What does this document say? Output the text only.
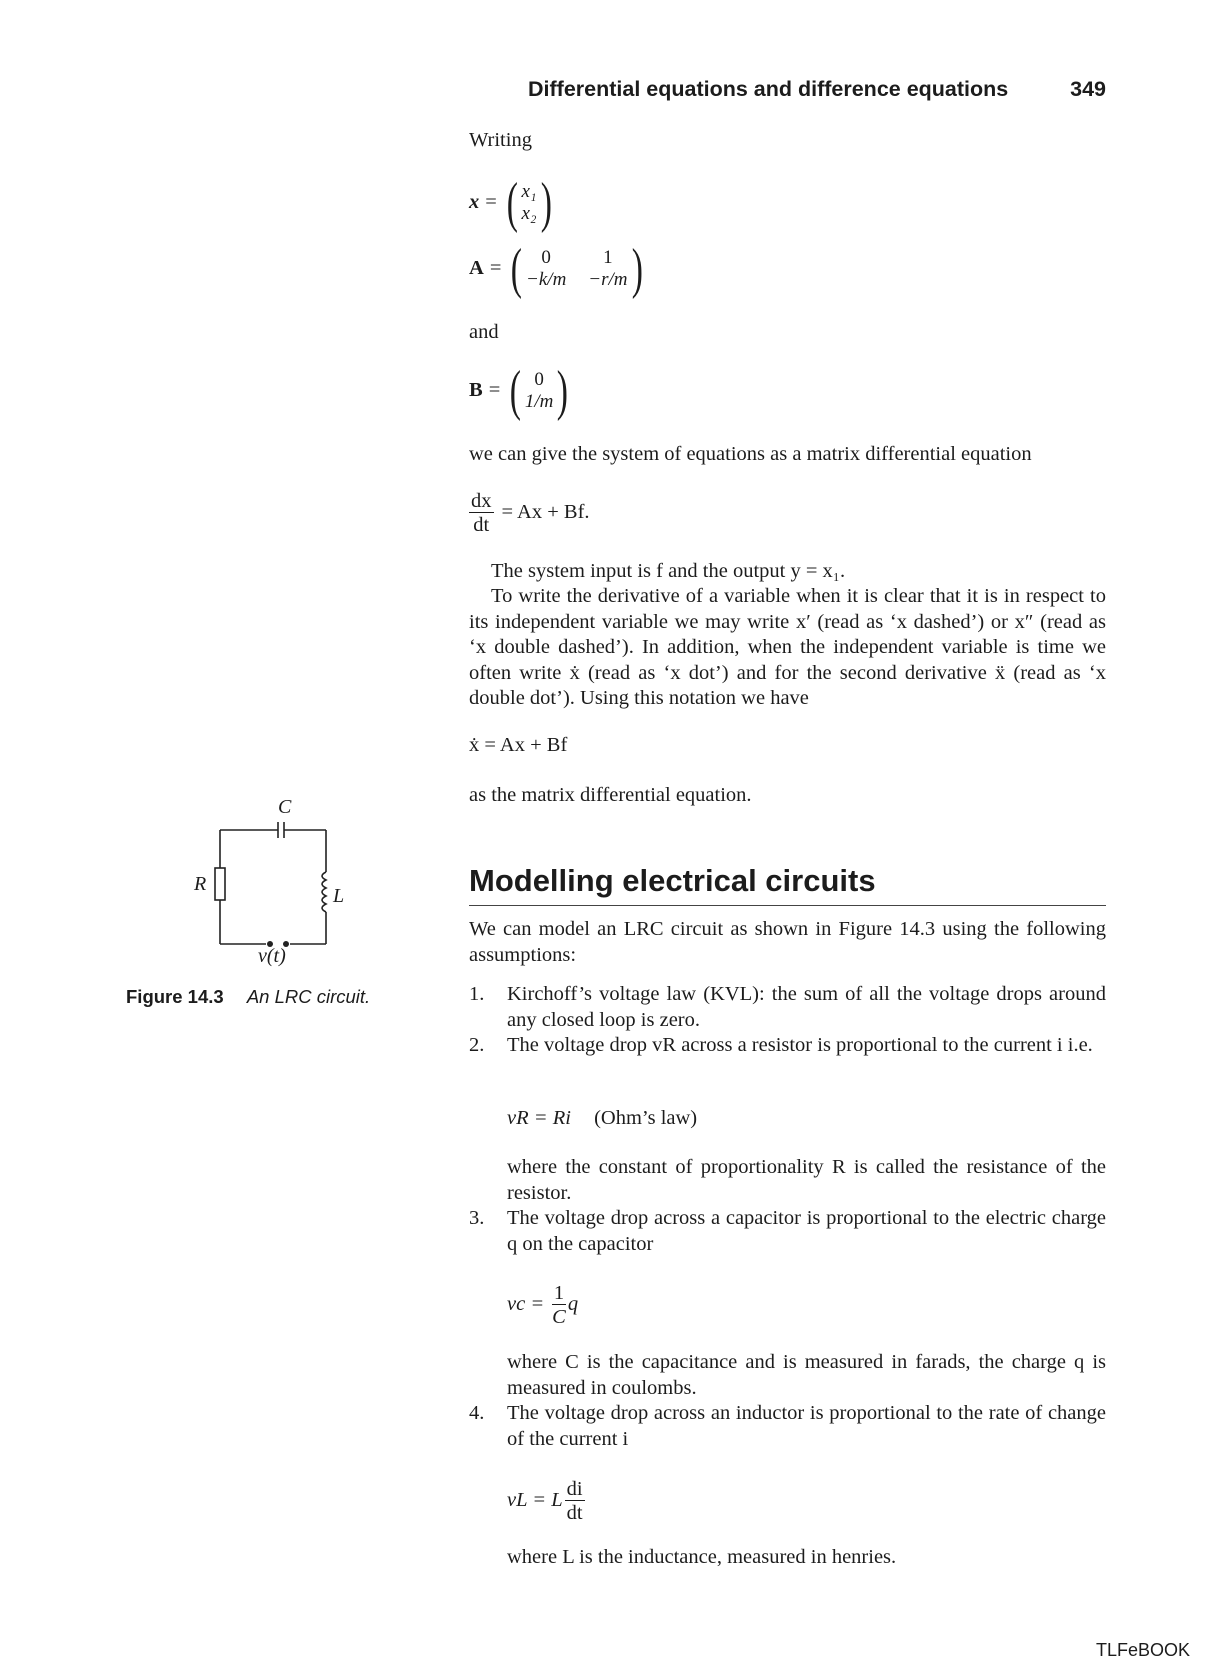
Differential equations and difference equations	349
Writing
x = ( x₁
x₂ )
A = (	0	1
−k/m −r/m )
and
B = ( 0
1/m )
we can give the system of equations as a matrix differential equation
$\frac{dx}{dt} = Ax + Bf$.
The system input is f and the output y = x₁.
To write the derivative of a variable when it is clear that it is in respect to its independent variable we may write x′ (read as ‘x dashed’) or x″ (read as ‘x double dashed’). In addition, when the independent variable is time we often write ẋ (read as ‘x dot’) and for the second derivative ẍ (read as ‘x double dot’). Using this notation we have
ẋ = Ax + Bf
as the matrix differential equation.
Modelling electrical circuits
We can model an LRC circuit as shown in Figure 14.3 using the following assumptions:
1. Kirchoff’s voltage law (KVL): the sum of all the voltage drops around any closed loop is zero.
2. The voltage drop vR across a resistor is proportional to the current i i.e.
vR = Ri (Ohm’s law)
where the constant of proportionality R is called the resistance of the resistor.
3. The voltage drop across a capacitor is proportional to the electric charge q on the capacitor
vc = $\frac{1}{C}$ q
where C is the capacitance and is measured in farads, the charge q is measured in coulombs.
4. The voltage drop across an inductor is proportional to the rate of change of the current i
vL = L $\frac{di}{dt}$
where L is the inductance, measured in henries.
C
R
L
v(t)
Figure 14.3 An LRC circuit.
TLFeBOOK
